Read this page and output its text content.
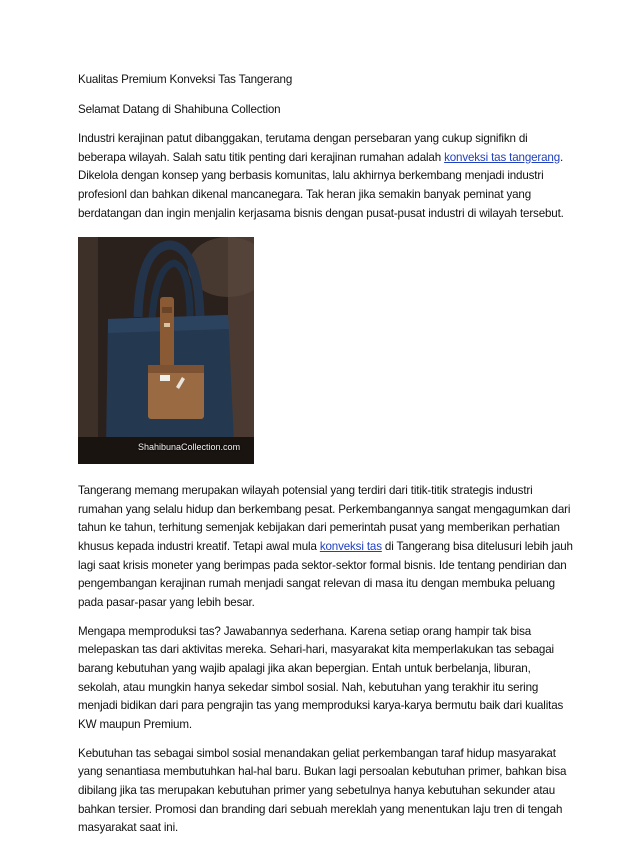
Kualitas Premium Konveksi Tas Tangerang

Selamat Datang di Shahibuna Collection

Industri kerajinan patut dibanggakan, terutama dengan persebaran yang cukup signifikn di beberapa wilayah. Salah satu titik penting dari kerajinan rumahan adalah konveksi tas tangerang. Dikelola dengan konsep yang berbasis komunitas, lalu akhirnya berkembang menjadi industri profesionl dan bahkan dikenal mancanegara. Tak heran jika semakin banyak peminat yang berdatangan dan ingin menjalin kerjasama bisnis dengan pusat-pusat industri di wilayah tersebut.

ShahibunaCollection.com

Tangerang memang merupakan wilayah potensial yang terdiri dari titik-titik strategis industri rumahan yang selalu hidup dan berkembang pesat. Perkembangannya sangat mengagumkan dari tahun ke tahun, terhitung semenjak kebijakan dari pemerintah pusat yang memberikan perhatian khusus kepada industri kreatif. Tetapi awal mula konveksi tas di Tangerang bisa ditelusuri lebih jauh lagi saat krisis moneter yang berimpas pada sektor-sektor formal bisnis. Ide tentang pendirian dan pengembangan kerajinan rumah menjadi sangat relevan di masa itu dengan membuka peluang pada pasar-pasar yang lebih besar.

Mengapa memproduksi tas? Jawabannya sederhana. Karena setiap orang hampir tak bisa melepaskan tas dari aktivitas mereka. Sehari-hari, masyarakat kita memperlakukan tas sebagai barang kebutuhan yang wajib apalagi jika akan bepergian. Entah untuk berbelanja, liburan, sekolah, atau mungkin hanya sekedar simbol sosial. Nah, kebutuhan yang terakhir itu sering menjadi bidikan dari para pengrajin tas yang memproduksi karya-karya bermutu baik dari kualitas KW maupun Premium.

Kebutuhan tas sebagai simbol sosial menandakan geliat perkembangan taraf hidup masyarakat yang senantiasa membutuhkan hal-hal baru. Bukan lagi persoalan kebutuhan primer, bahkan bisa dibilang jika tas merupakan kebutuhan primer yang sebetulnya hanya kebutuhan sekunder atau bahkan tersier. Promosi dan branding dari sebuah mereklah yang menentukan laju tren di tengah masyarakat saat ini.
